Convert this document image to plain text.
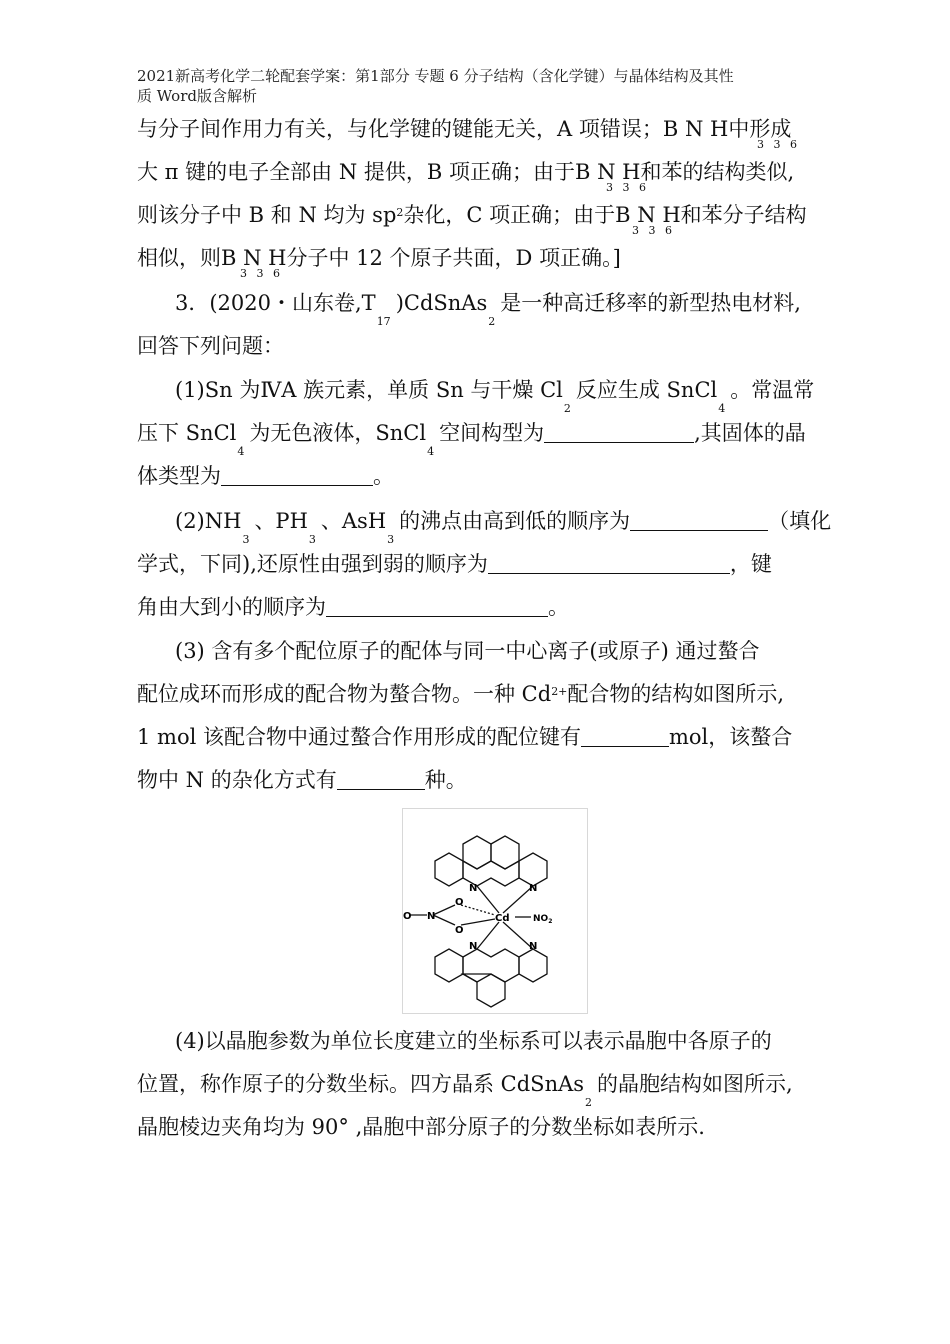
2021新高考化学二轮配套学案：第1部分 专题 6 分子结构（含化学键）与晶体结构及其性
质 Word版含解析
与分子间作用力有关，与化学键的键能无关，A 项错误；B N H中形成
3 3 6
大 π 键的电子全部由 N 提供，B 项正确；由于B N H和苯的结构类似,
3 3 6
则该分子中 B 和 N 均为 $sp^2$杂化，C 项正确；由于B N H和苯分子结构
3 3 6
相似，则B N H分子中 12 个原子共面，D 项正确。]
3 3 6
3．(2020・山东卷$,T_{17})CdSnAs_2$是一种高迁移率的新型热电材料,
回答下列问题：
(1)Sn 为ⅣA 族元素，单质 Sn 与干燥 $Cl_2$反应生成 SnCl$_4$。常温常
压下 SnCl$_4$为无色液体，SnCl$_4$空间构型为	,其固体的晶
体类型为	。
$(2)NH_3$、$PH_3$、AsH$_3$的沸点由高到低的顺序为	（填化
学式，下同),还原性由强到弱的顺序为	，键
角由大到小的顺序为	。
(3) 含有多个配位原子的配体与同一中心离子(或原子) 通过螯合
配位成环而形成的配合物为螯合物。一种 $Cd^{2+}$配合物的结构如图所示,
1 mol 该配合物中通过螯合作用形成的配位键有	mol，该螯合
物中 N 的杂化方式有	种。
N	N
N	N
Cd
O
O
O
N	$NO_2$
(4)以晶胞参数为单位长度建立的坐标系可以表示晶胞中各原子的
位置，称作原子的分数坐标。四方晶系 CdSnAs$_2$的晶胞结构如图所示,
晶胞棱边夹角均为 90° ,晶胞中部分原子的分数坐标如表所示.
